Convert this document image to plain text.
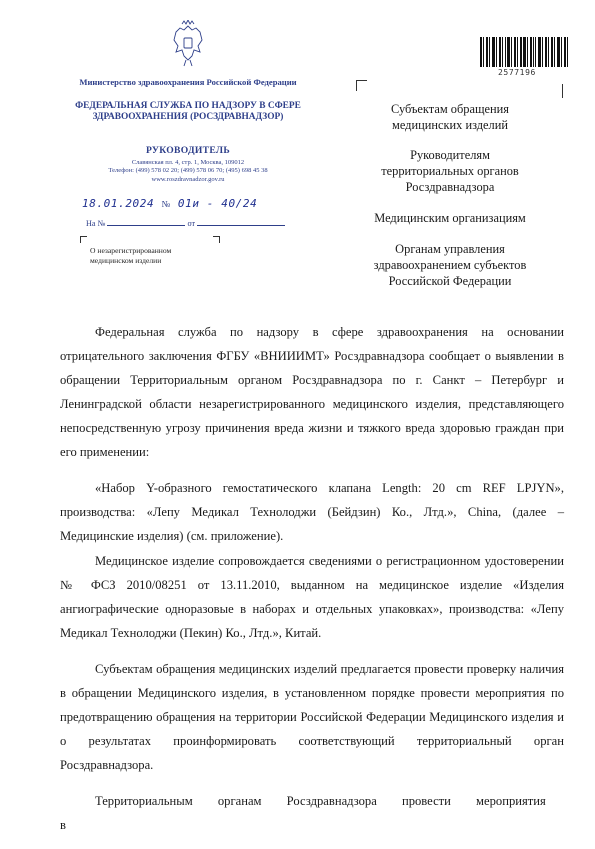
Министерство здравоохранения Российской Федерации
ФЕДЕРАЛЬНАЯ СЛУЖБА ПО НАДЗОРУ В СФЕРЕ ЗДРАВООХРАНЕНИЯ (РОСЗДРАВНАДЗОР)
РУКОВОДИТЕЛЬ
Славянская пл. 4, стр. 1, Москва, 109012
Телефон: (499) 578 02 20; (499) 578 06 70; (495) 698 45 38
www.roszdravnadzor.gov.ru
18.01.2024 № 01и - 40/24
На №	от
О незарегистрированном медицинском изделии
2577196
Субъектам обращения медицинских изделий
Руководителям территориальных органов Росздравнадзора
Медицинским организациям
Органам управления здравоохранением субъектов Российской Федерации

Федеральная служба по надзору в сфере здравоохранения на основании отрицательного заключения ФГБУ «ВНИИИМТ» Росздравнадзора сообщает о выявлении в обращении Территориальным органом Росздравнадзора по г. Санкт – Петербург и Ленинградской области незарегистрированного медицинского изделия, представляющего непосредственную угрозу причинения вреда жизни и тяжкого вреда здоровью граждан при его применении:

«Набор Y-образного гемостатического клапана Length: 20 cm REF LPJYN», производства: «Лепу Медикал Технолоджи (Бейдзин) Ко., Лтд.», China, (далее – Медицинские изделия) (см. приложение).

Медицинское изделие сопровождается сведениями о регистрационном удостоверении № ФСЗ 2010/08251 от 13.11.2010, выданном на медицинское изделие «Изделия ангиографические одноразовые в наборах и отдельных упаковках», производства: «Лепу Медикал Технолоджи (Пекин) Ко., Лтд.», Китай.

Субъектам обращения медицинских изделий предлагается провести проверку наличия в обращении Медицинского изделия, в установленном порядке провести мероприятия по предотвращению обращения на территории Российской Федерации Медицинского изделия и о результатах проинформировать соответствующий территориальный орган Росздравнадзора.

Территориальным органам Росздравнадзора провести мероприятия в
